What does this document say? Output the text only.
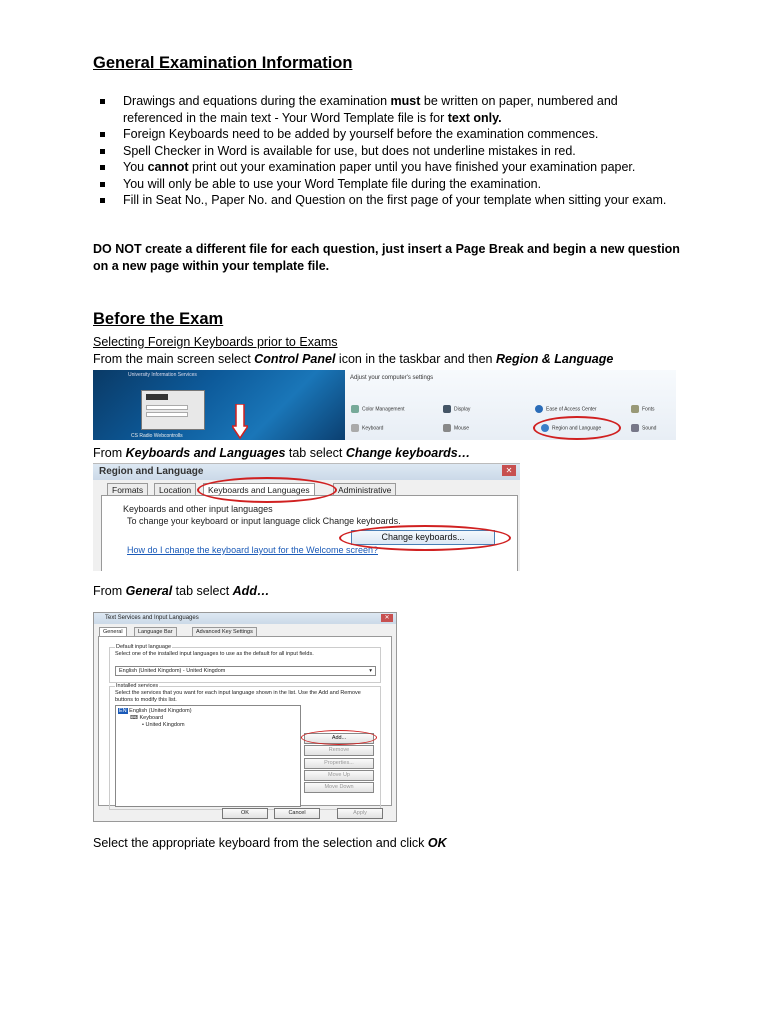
General Examination Information
Drawings and equations during the examination must be written on paper, numbered and referenced in the main text - Your Word Template file is for text only.
Foreign Keyboards need to be added by yourself before the examination commences.
Spell Checker in Word is available for use, but does not underline mistakes in red.
You cannot print out your examination paper until you have finished your examination paper.
You will only be able to use your Word Template file during the examination.
Fill in Seat No., Paper No. and Question on the first page of your template when sitting your exam.
DO NOT create a different file for each question, just insert a Page Break and begin a new question on a new page within your template file.
Before the Exam
Selecting Foreign Keyboards prior to Exams
From the main screen select Control Panel icon in the taskbar and then Region & Language
University Information Services
CS Radio Webcontrolls
Adjust your computer's settings
Color Management	Display	Ease of Access Center	Fonts
Keyboard	Mouse	Region and Language	Sound
From Keyboards and Languages tab select Change keyboards…
Region and Language	✕
Formats	Location	Keyboards and Languages	Administrative
Keyboards and other input languages
To change your keyboard or input language click Change keyboards.
Change keyboards...
How do I change the keyboard layout for the Welcome screen?
From General tab select Add…
Text Services and Input Languages	✕
General	Language Bar	Advanced Key Settings
Default input language
Select one of the installed input languages to use as the default for all input fields.
English (United Kingdom) - United Kingdom	▾
Installed services
Select the services that you want for each input language shown in the list. Use the Add and Remove buttons to modify this list.
EN English (United Kingdom)
⌨ Keyboard
• United Kingdom
Add...
Remove
Properties...
Move Up
Move Down
OK	Cancel	Apply
Select the appropriate keyboard from the selection and click OK
